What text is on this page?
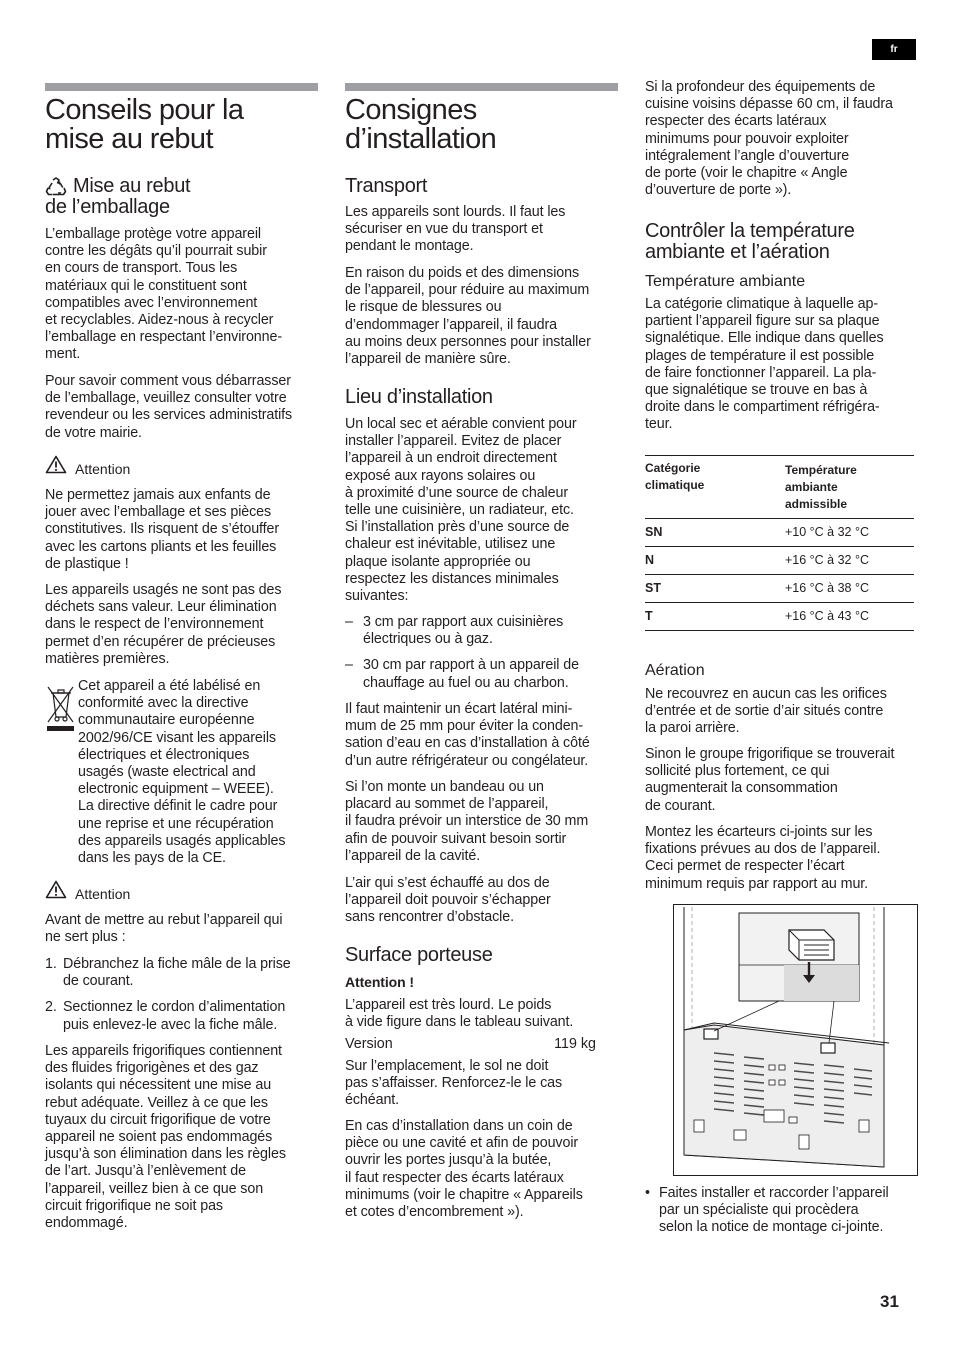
fr
Conseils pour la
mise au rebut
Mise au rebut
de l’emballage

L’emballage protège votre appareil
contre les dégâts qu’il pourrait subir
en cours de transport. Tous les
matériaux qui le constituent sont
compatibles avec l’environnement
et recyclables. Aidez-nous à recycler
l’emballage en respectant l’environne-
ment.

Pour savoir comment vous débarrasser
de l’emballage, veuillez consulter votre
revendeur ou les services administratifs
de votre mairie.

Attention

Ne permettez jamais aux enfants de
jouer avec l’emballage et ses pièces
constitutives. Ils risquent de s’étouffer
avec les cartons pliants et les feuilles
de plastique !

Les appareils usagés ne sont pas des
déchets sans valeur. Leur élimination
dans le respect de l’environnement
permet d’en récupérer de précieuses
matières premières.

Cet appareil a été labélisé en
conformité avec la directive
communautaire européenne
2002/96/CE visant les appareils
électriques et électroniques
usagés (waste electrical and
electronic equipment – WEEE).
La directive définit le cadre pour
une reprise et une récupération
des appareils usagés applicables
dans les pays de la CE.

Attention

Avant de mettre au rebut l’appareil qui
ne sert plus :

1. Débranchez la fiche mâle de la prise
de courant.
2. Sectionnez le cordon d’alimentation
puis enlevez-le avec la fiche mâle.

Les appareils frigorifiques contiennent
des fluides frigorigènes et des gaz
isolants qui nécessitent une mise au
rebut adéquate. Veillez à ce que les
tuyaux du circuit frigorifique de votre
appareil ne soient pas endommagés
jusqu’à son élimination dans les règles
de l’art. Jusqu’à l’enlèvement de
l’appareil, veillez bien à ce que son
circuit frigorifique ne soit pas
endommagé.

Consignes
d’installation
Transport

Les appareils sont lourds. Il faut les
sécuriser en vue du transport et
pendant le montage.

En raison du poids et des dimensions
de l’appareil, pour réduire au maximum
le risque de blessures ou
d’endommager l’appareil, il faudra
au moins deux personnes pour installer
l’appareil de manière sûre.

Lieu d’installation

Un local sec et aérable convient pour
installer l’appareil. Evitez de placer
l’appareil à un endroit directement
exposé aux rayons solaires ou
à proximité d’une source de chaleur
telle une cuisinière, un radiateur, etc.
Si l’installation près d’une source de
chaleur est inévitable, utilisez une
plaque isolante appropriée ou
respectez les distances minimales
suivantes:

– 3 cm par rapport aux cuisinières
électriques ou à gaz.
– 30 cm par rapport à un appareil de
chauffage au fuel ou au charbon.

Il faut maintenir un écart latéral mini-
mum de 25 mm pour éviter la conden-
sation d’eau en cas d’installation à côté
d’un autre réfrigérateur ou congélateur.

Si l’on monte un bandeau ou un
placard au sommet de l’appareil,
il faudra prévoir un interstice de 30 mm
afin de pouvoir suivant besoin sortir
l’appareil de la cavité.

L’air qui s’est échauffé au dos de
l’appareil doit pouvoir s’échapper
sans rencontrer d’obstacle.

Surface porteuse

Attention !

L’appareil est très lourd. Le poids
à vide figure dans le tableau suivant.

Version	119 kg

Sur l’emplacement, le sol ne doit
pas s’affaisser. Renforcez-le le cas
échéant.

En cas d’installation dans un coin de
pièce ou une cavité et afin de pouvoir
ouvrir les portes jusqu’à la butée,
il faut respecter des écarts latéraux
minimums (voir le chapitre « Appareils
et cotes d’encombrement »).

Si la profondeur des équipements de
cuisine voisins dépasse 60 cm, il faudra
respecter des écarts latéraux
minimums pour pouvoir exploiter
intégralement l’angle d’ouverture
de porte (voir le chapitre « Angle
d’ouverture de porte »).

Contrôler la température
ambiante et l’aération
Température ambiante

La catégorie climatique à laquelle ap-
partient l’appareil figure sur sa plaque
signalétique. Elle indique dans quelles
plages de température il est possible
de faire fonctionner l’appareil. La pla-
que signalétique se trouve en bas à
droite dans le compartiment réfrigéra-
teur.

Catégorie
climatique	Température
ambiante
admissible
SN	+10 °C à 32 °C
N	+16 °C à 32 °C
ST	+16 °C à 38 °C
T	+16 °C à 43 °C
Aération

Ne recouvrez en aucun cas les orifices
d’entrée et de sortie d’air situés contre
la paroi arrière.

Sinon le groupe frigorifique se trouverait
sollicité plus fortement, ce qui
augmenterait la consommation
de courant.

Montez les écarteurs ci-joints sur les
fixations prévues au dos de l’appareil.
Ceci permet de respecter l’écart
minimum requis par rapport au mur.

• Faites installer et raccorder l’appareil
par un spécialiste qui procèdera
selon la notice de montage ci-jointe.
31
